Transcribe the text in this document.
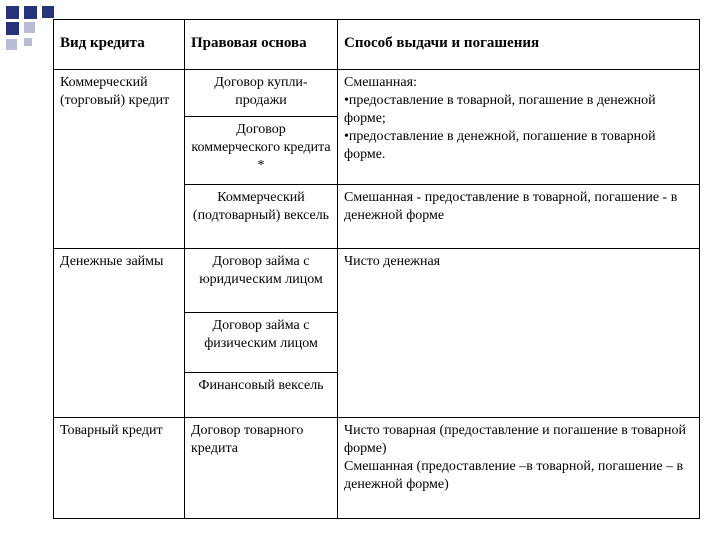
Вид кредита	Правовая основа	Способ выдачи и погашения
Коммерческий (торговый) кредит	Договор купли-продажи	Смешанная:
• предоставление в товарной, погашение в денежной форме;
• предоставление в денежной, погашение в товарной форме.

	Договор коммерческого кредита *	
	Коммерческий (подтоварный) вексель	Смешанная - предоставление в товарной, погашение - в денежной форме
Денежные займы	Договор займа с юридическим лицом	Чисто денежная
	Договор займа с физическим лицом	
	Финансовый вексель	
Товарный кредит	Договор товарного кредита	Чисто товарная (предоставление и погашение в товарной форме)
Смешанная (предоставление –в товарной, погашение – в денежной форме)
